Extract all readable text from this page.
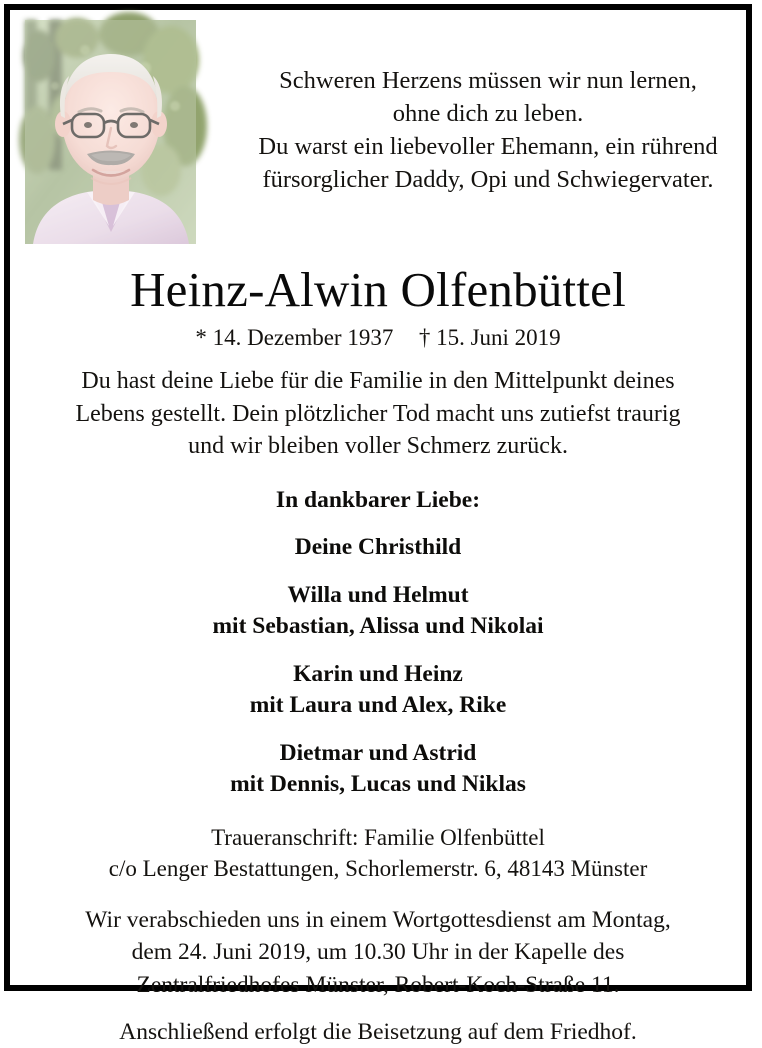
Schweren Herzens müssen wir nun lernen,
ohne dich zu leben.
Du warst ein liebevoller Ehemann, ein rührend
fürsorglicher Daddy, Opi und Schwiegervater.
Heinz-Alwin Olfenbüttel
* 14. Dezember 1937 † 15. Juni 2019
Du hast deine Liebe für die Familie in den Mittelpunkt deines
Lebens gestellt. Dein plötzlicher Tod macht uns zutiefst traurig
und wir bleiben voller Schmerz zurück.
In dankbarer Liebe:
Deine Christhild
Willa und Helmut
mit Sebastian, Alissa und Nikolai
Karin und Heinz
mit Laura und Alex, Rike
Dietmar und Astrid
mit Dennis, Lucas und Niklas
Traueranschrift: Familie Olfenbüttel
c/o Lenger Bestattungen, Schorlemerstr. 6, 48143 Münster
Wir verabschieden uns in einem Wortgottesdienst am Montag,
dem 24. Juni 2019, um 10.30 Uhr in der Kapelle des
Zentralfriedhofes Münster, Robert-Koch-Straße 11.
Anschließend erfolgt die Beisetzung auf dem Friedhof.
